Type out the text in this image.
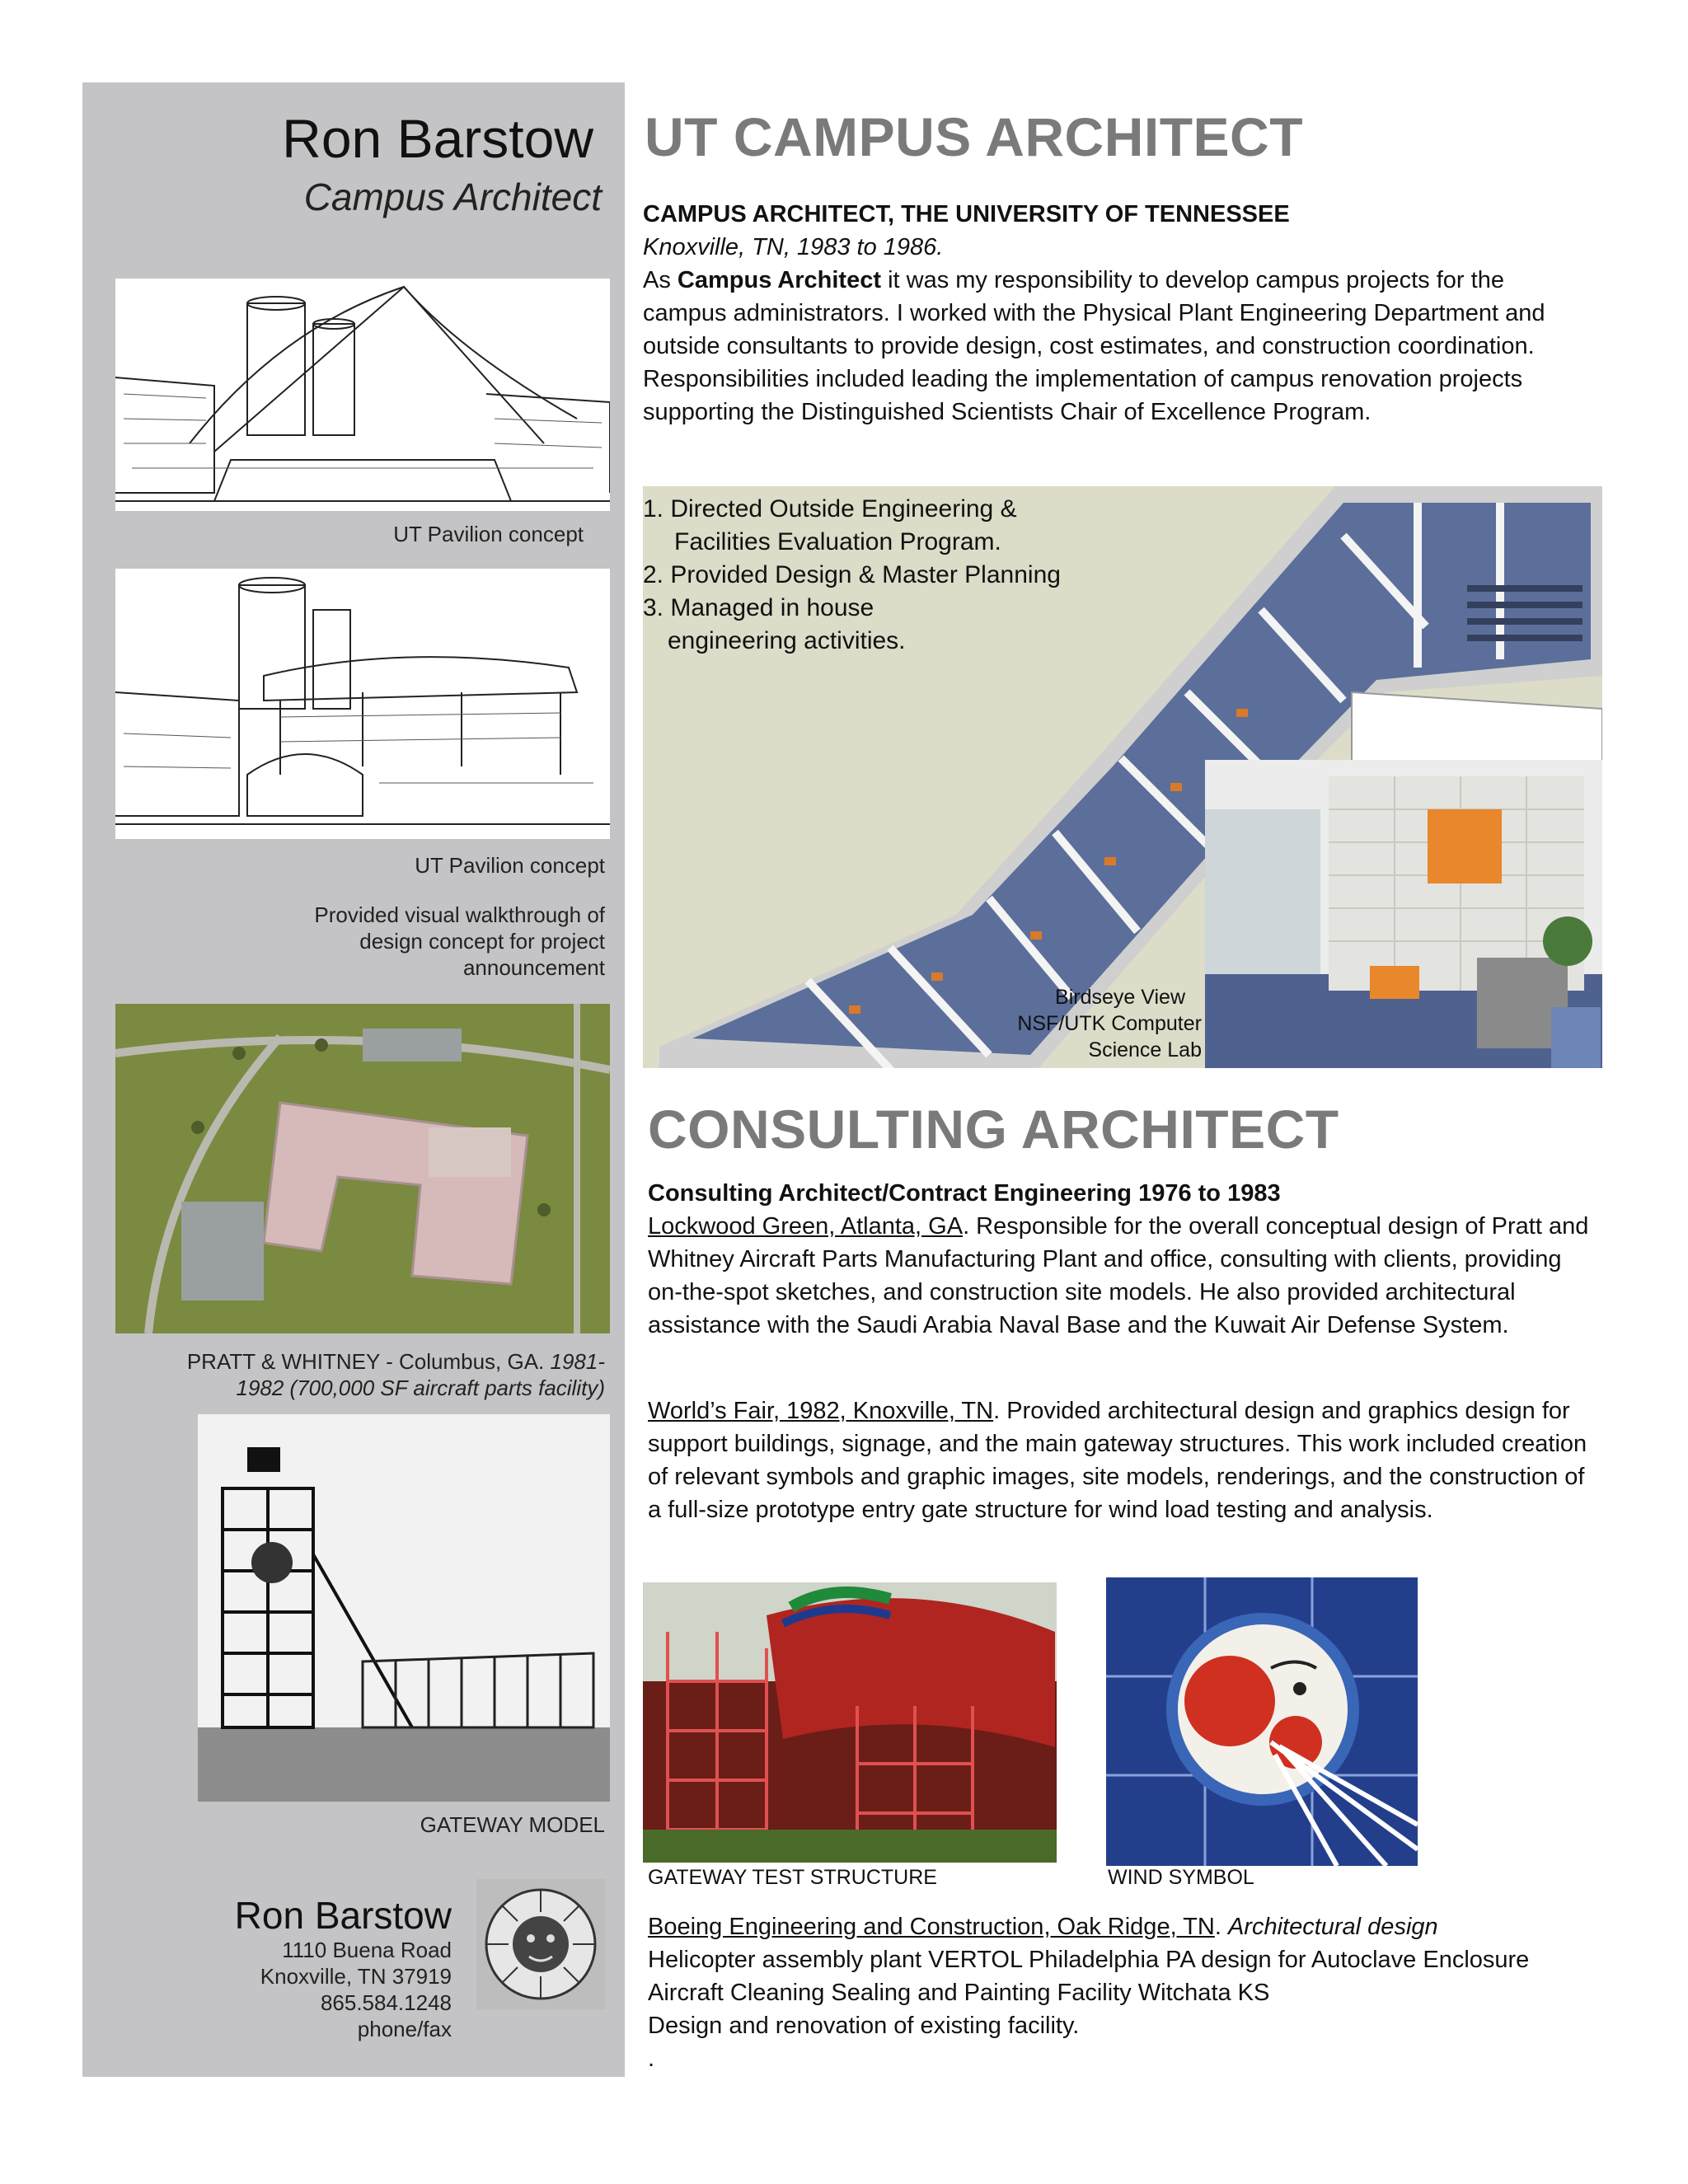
Ron Barstow
Campus Architect
UT Pavilion concept
UT Pavilion concept
Provided visual walkthrough of design concept for project announcement
PRATT & WHITNEY - Columbus, GA. 1981-
1982 (700,000 SF aircraft parts facility)
GATEWAY MODEL
Ron Barstow
1110 Buena Road
Knoxville, TN 37919
865.584.1248
phone/fax
UT CAMPUS ARCHITECT
CAMPUS ARCHITECT, THE UNIVERSITY OF TENNESSEE
Knoxville, TN, 1983 to 1986.
As Campus Architect it was my responsibility to develop campus projects for the campus administrators. I worked with the Physical Plant Engineering Department and outside consultants to provide design, cost estimates, and construction coordination. Responsibilities included leading the implementation of campus renovation projects supporting the Distinguished Scientists Chair of Excellence Program.
1. Directed Outside Engineering &
Facilities Evaluation Program.
2. Provided Design & Master Planning
3. Managed in house
engineering activities.
Birdseye View
NSF/UTK Computer
Science Lab
CONSULTING ARCHITECT
Consulting Architect/Contract Engineering 1976 to 1983
Lockwood Green, Atlanta, GA. Responsible for the overall conceptual design of Pratt and Whitney Aircraft Parts Manufacturing Plant and office, consulting with clients, providing on-the-spot sketches, and construction site models. He also provided architectural assistance with the Saudi Arabia Naval Base and the Kuwait Air Defense System.
World’s Fair, 1982, Knoxville, TN. Provided architectural design and graphics design for support buildings, signage, and the main gateway structures. This work included creation of relevant symbols and graphic images, site models, renderings, and the construction of a full-size prototype entry gate structure for wind load testing and analysis.
GATEWAY TEST STRUCTURE	WIND SYMBOL
Boeing Engineering and Construction, Oak Ridge, TN. Architectural design
Helicopter assembly plant VERTOL Philadelphia PA design for Autoclave Enclosure
Aircraft Cleaning Sealing and Painting Facility Witchata KS
Design and renovation of existing facility.
.
